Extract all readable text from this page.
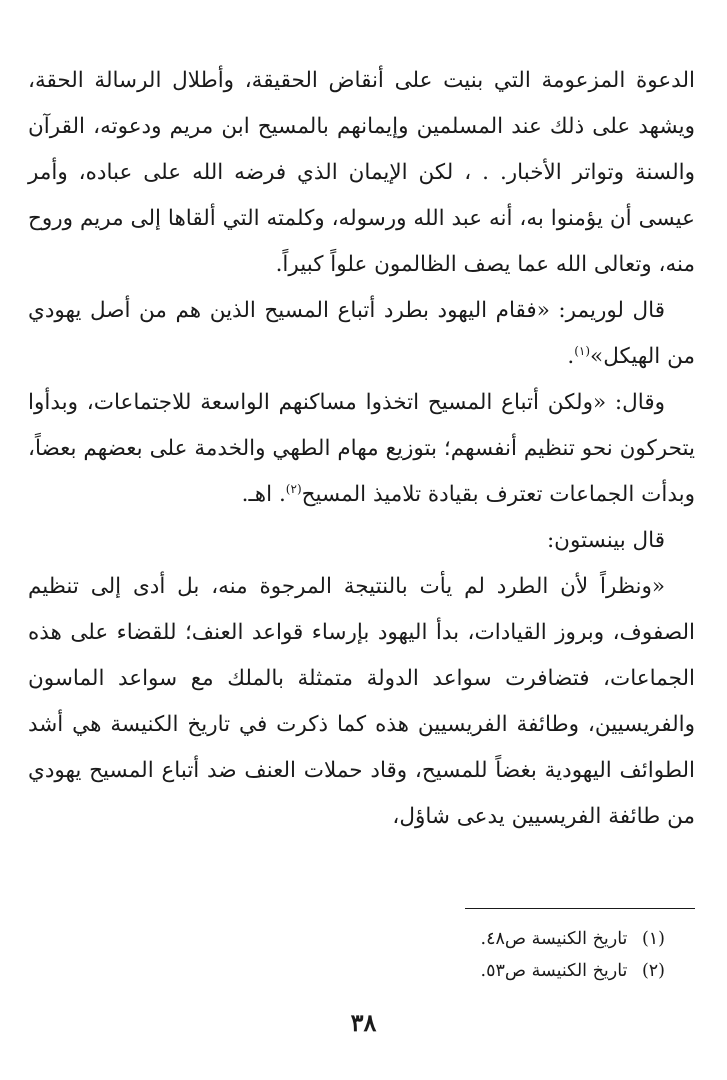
الدعوة المزعومة التي بنيت على أنقاض الحقيقة، وأطلال الرسالة الحقة، ويشهد على ذلك عند المسلمين وإيمانهم بالمسيح ابن مريم ودعوته، القرآن والسنة وتواتر الأخبار. . ، لكن الإيمان الذي فرضه الله على عباده، وأمر عيسى أن يؤمنوا به، أنه عبد الله ورسوله، وكلمته التي ألقاها إلى مريم وروح منه، وتعالى الله عما يصف الظالمون علواً كبيراً.

قال لوريمر: «فقام اليهود بطرد أتباع المسيح الذين هم من أصل يهودي من الهيكل»$^{(١)}$.

وقال: «ولكن أتباع المسيح اتخذوا مساكنهم الواسعة للاجتماعات، وبدأوا يتحركون نحو تنظيم أنفسهم؛ بتوزيع مهام الطهي والخدمة على بعضهم بعضاً، وبدأت الجماعات تعترف بقيادة تلاميذ المسيح$^{(٢)}$. اهـ.

قال بينستون:

«ونظراً لأن الطرد لم يأت بالنتيجة المرجوة منه، بل أدى إلى تنظيم الصفوف، وبروز القيادات، بدأ اليهود بإرساء قواعد العنف؛ للقضاء على هذه الجماعات، فتضافرت سواعد الدولة متمثلة بالملك مع سواعد الماسون والفريسيين، وطائفة الفريسيين هذه كما ذكرت في تاريخ الكنيسة هي أشد الطوائف اليهودية بغضاً للمسيح، وقاد حملات العنف ضد أتباع المسيح يهودي من طائفة الفريسيين يدعى شاؤل،

(١) تاريخ الكنيسة ص٤٨.

(٢) تاريخ الكنيسة ص٥٣.

٣٨
